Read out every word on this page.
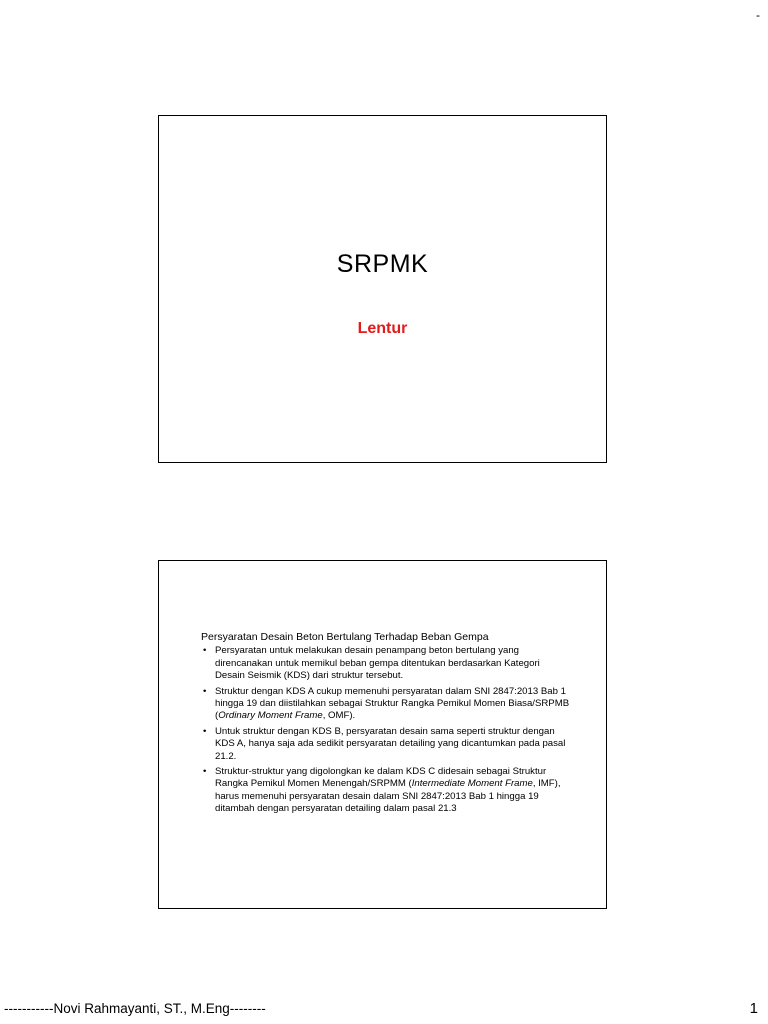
-
SRPMK
Lentur
Persyaratan Desain Beton Bertulang Terhadap Beban Gempa
• Persyaratan untuk melakukan desain penampang beton bertulang yang direncanakan untuk memikul beban gempa ditentukan berdasarkan Kategori Desain Seismik (KDS) dari struktur tersebut.
• Struktur dengan KDS A cukup memenuhi persyaratan dalam SNI 2847:2013 Bab 1 hingga 19 dan diistilahkan sebagai Struktur Rangka Pemikul Momen Biasa/SRPMB (Ordinary Moment Frame, OMF).
• Untuk struktur dengan KDS B, persyaratan desain sama seperti struktur dengan KDS A, hanya saja ada sedikit persyaratan detailing yang dicantumkan pada pasal 21.2.
• Struktur-struktur yang digolongkan ke dalam KDS C didesain sebagai Struktur Rangka Pemikul Momen Menengah/SRPMM (Intermediate Moment Frame, IMF), harus memenuhi persyaratan desain dalam SNI 2847:2013 Bab 1 hingga 19 ditambah dengan persyaratan detailing dalam pasal 21.3
-----------Novi Rahmayanti, ST., M.Eng--------	1
